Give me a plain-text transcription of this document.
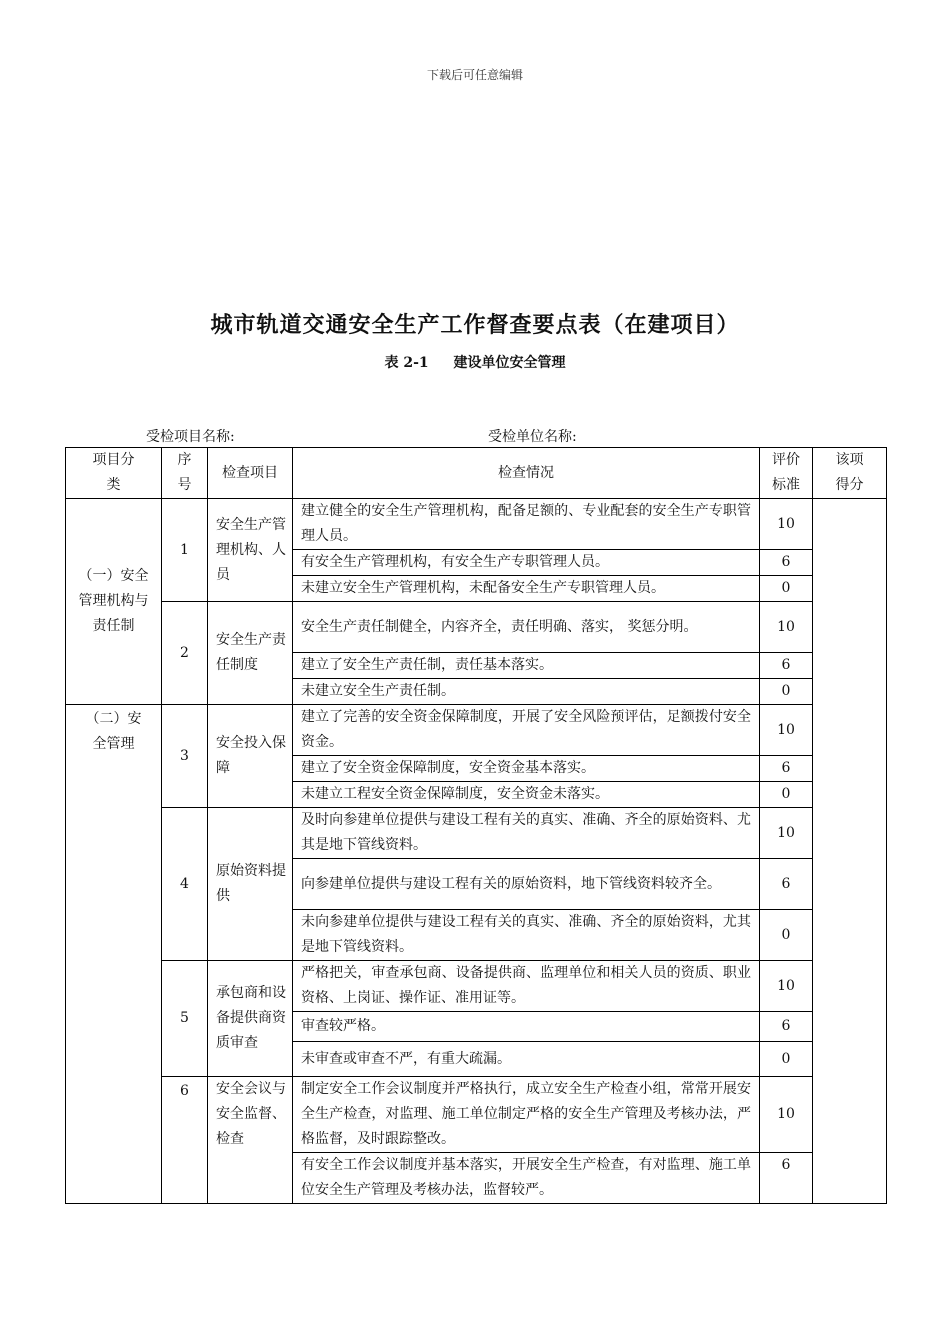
下载后可任意编辑
城市轨道交通安全生产工作督查要点表（在建项目）
表 2-1 建设单位安全管理
受检项目名称:	受检单位名称:
项目分类	序号	检查项目	检查情况	评价标准	该项得分

（一）安全管理机构与责任制	1	安全生产管理机构、人员	建立健全的安全生产管理机构，配备足额的、专业配套的安全生产专职管理人员。	10	
			有安全生产管理机构，有安全生产专职管理人员。	6	
			未建立安全生产管理机构，未配备安全生产专职管理人员。	0	
	2	安全生产责任制度	安全生产责任制健全，内容齐全，责任明确、落实， 奖惩分明。	10	
			建立了安全生产责任制，责任基本落实。	6	
			未建立安全生产责任制。	0	

（二）安全管理	3	安全投入保障	建立了完善的安全资金保障制度，开展了安全风险预评估，足额拨付安全资金。	10	
			建立了安全资金保障制度，安全资金基本落实。	6	
			未建立工程安全资金保障制度，安全资金未落实。	0	
	4	原始资料提供	及时向参建单位提供与建设工程有关的真实、准确、齐全的原始资料、尤其是地下管线资料。	10	
			向参建单位提供与建设工程有关的原始资料，地下管线资料较齐全。	6	
			未向参建单位提供与建设工程有关的真实、准确、齐全的原始资料，尤其是地下管线资料。	0	
	5	承包商和设备提供商资质审查	严格把关，审查承包商、设备提供商、监理单位和相关人员的资质、职业资格、上岗证、操作证、准用证等。	10	
			审查较严格。	6	
			未审查或审查不严，有重大疏漏。	0	
	6	安全会议与安全监督、检查	制定安全工作会议制度并严格执行，成立安全生产检查小组，常常开展安全生产检查，对监理、施工单位制定严格的安全生产管理及考核办法，严格监督，及时跟踪整改。	10	
			有安全工作会议制度并基本落实，开展安全生产检查，有对监理、施工单位安全生产管理及考核办法，监督较严。	6	
